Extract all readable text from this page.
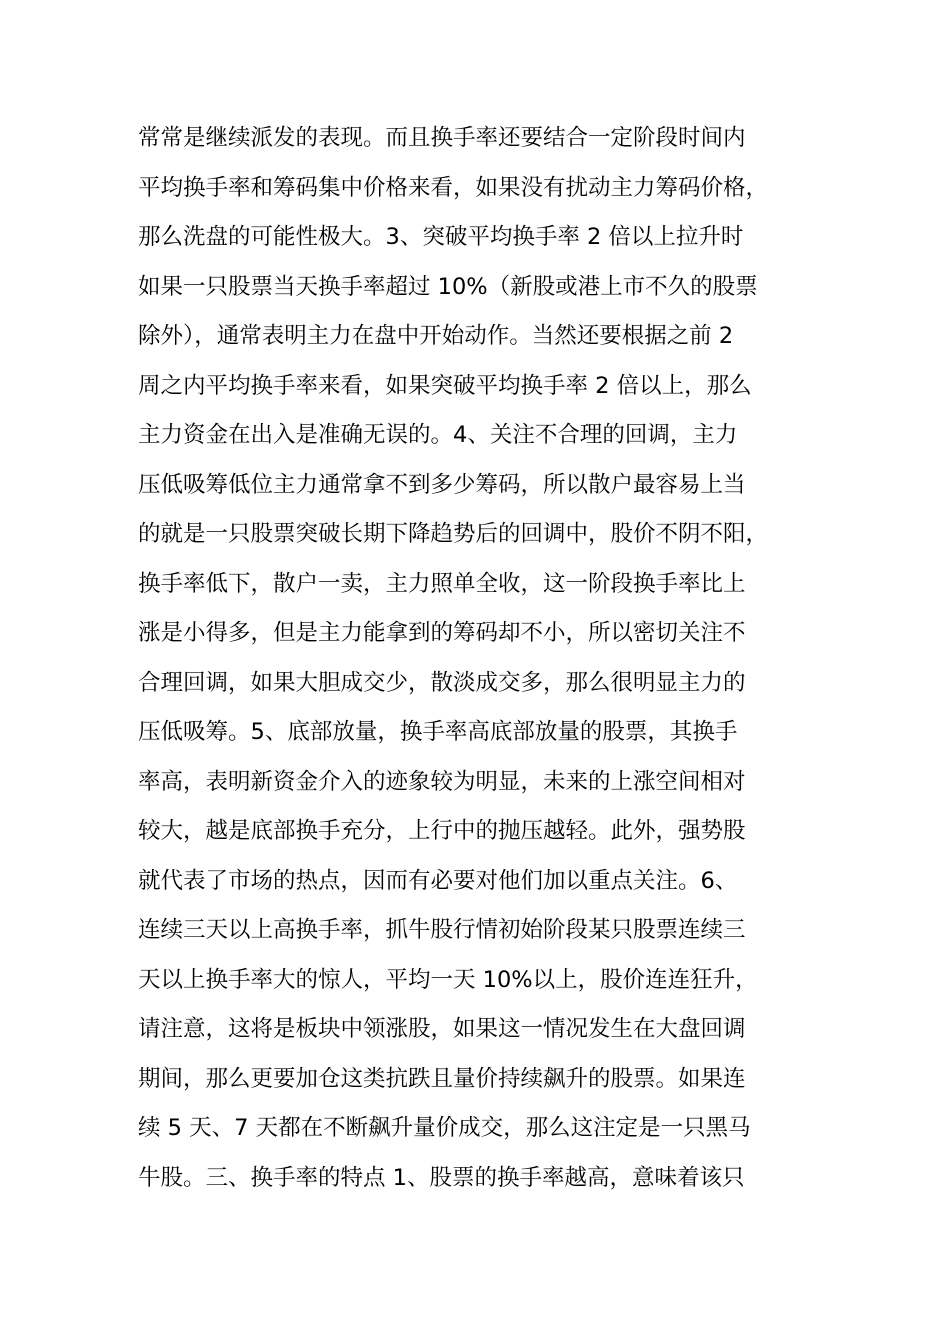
常常是继续派发的表现。而且换手率还要结合一定阶段时间内
平均换手率和筹码集中价格来看，如果没有扰动主力筹码价格，
那么洗盘的可能性极大。3、突破平均换手率 2 倍以上拉升时
如果一只股票当天换手率超过 10%（新股或港上市不久的股票
除外），通常表明主力在盘中开始动作。当然还要根据之前 2
周之内平均换手率来看，如果突破平均换手率 2 倍以上，那么
主力资金在出入是准确无误的。4、关注不合理的回调，主力
压低吸筹低位主力通常拿不到多少筹码，所以散户最容易上当
的就是一只股票突破长期下降趋势后的回调中，股价不阴不阳，
换手率低下，散户一卖，主力照单全收，这一阶段换手率比上
涨是小得多，但是主力能拿到的筹码却不小，所以密切关注不
合理回调，如果大胆成交少，散淡成交多，那么很明显主力的
压低吸筹。5、底部放量，换手率高底部放量的股票，其换手
率高，表明新资金介入的迹象较为明显，未来的上涨空间相对
较大，越是底部换手充分，上行中的抛压越轻。此外，强势股
就代表了市场的热点，因而有必要对他们加以重点关注。6、
连续三天以上高换手率，抓牛股行情初始阶段某只股票连续三
天以上换手率大的惊人，平均一天 10%以上，股价连连狂升，
请注意，这将是板块中领涨股，如果这一情况发生在大盘回调
期间，那么更要加仓这类抗跌且量价持续飙升的股票。如果连
续 5 天、7 天都在不断飙升量价成交，那么这注定是一只黑马
牛股。三、换手率的特点 1、股票的换手率越高，意味着该只
